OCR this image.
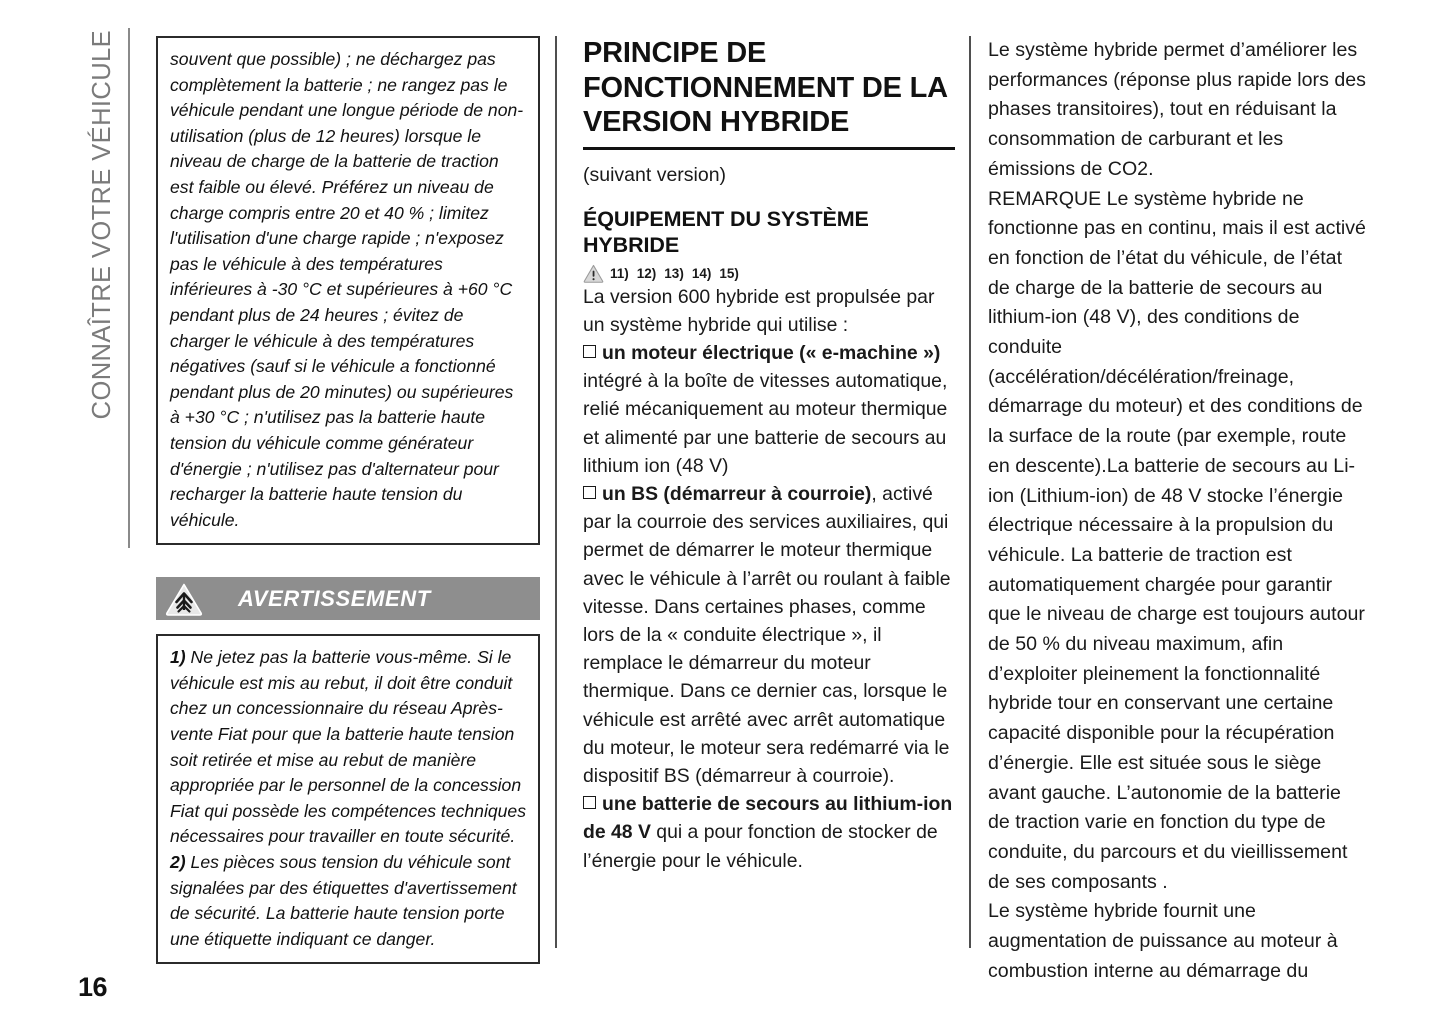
CONNAÎTRE VOTRE VÉHICULE	souvent que possible) ; ne déchargez pas complètement la batterie ; ne rangez pas le véhicule pendant une longue période de non-utilisation (plus de 12 heures) lorsque le niveau de charge de la batterie de traction est faible ou élevé. Préférez un niveau de charge compris entre 20 et 40 % ; limitez l'utilisation d'une charge rapide ; n'exposez pas le véhicule à des températures inférieures à -30 °C et supérieures à +60 °C pendant plus de 24 heures ; évitez de charger le véhicule à des températures négatives (sauf si le véhicule a fonctionné pendant plus de 20 minutes) ou supérieures à +30 °C ; n'utilisez pas la batterie haute tension du véhicule comme générateur d'énergie ; n'utilisez pas d'alternateur pour recharger la batterie haute tension du véhicule.

AVERTISSEMENT

1) Ne jetez pas la batterie vous-même. Si le véhicule est mis au rebut, il doit être conduit chez un concessionnaire du réseau Après-vente Fiat pour que la batterie haute tension soit retirée et mise au rebut de manière appropriée par le personnel de la concession Fiat qui possède les compétences techniques nécessaires pour travailler en toute sécurité.

2) Les pièces sous tension du véhicule sont signalées par des étiquettes d'avertissement de sécurité. La batterie haute tension porte une étiquette indiquant ce danger.

PRINCIPE DE FONCTIONNEMENT DE LA VERSION HYBRIDE
(suivant version)
ÉQUIPEMENT DU SYSTÈME HYBRIDE
11) 12) 13) 14) 15)

La version 600 hybride est propulsée par un système hybride qui utilise :

un moteur électrique (« e-machine ») intégré à la boîte de vitesses automatique, relié mécaniquement au moteur thermique et alimenté par une batterie de secours au lithium ion (48 V)

un BS (démarreur à courroie), activé par la courroie des services auxiliaires, qui permet de démarrer le moteur thermique avec le véhicule à l’arrêt ou roulant à faible vitesse. Dans certaines phases, comme lors de la « conduite électrique », il remplace le démarreur du moteur thermique. Dans ce dernier cas, lorsque le véhicule est arrêté avec arrêt automatique du moteur, le moteur sera redémarré via le dispositif BS (démarreur à courroie).

une batterie de secours au lithium-ion de 48 V qui a pour fonction de stocker de l’énergie pour le véhicule.

Le système hybride permet d’améliorer les performances (réponse plus rapide lors des phases transitoires), tout en réduisant la consommation de carburant et les émissions de CO2.

REMARQUE Le système hybride ne fonctionne pas en continu, mais il est activé en fonction de l’état du véhicule, de l’état de charge de la batterie de secours au lithium-ion (48 V), des conditions de conduite (accélération/décélération/freinage, démarrage du moteur) et des conditions de la surface de la route (par exemple, route en descente).La batterie de secours au Li-ion (Lithium-ion) de 48 V stocke l’énergie électrique nécessaire à la propulsion du véhicule. La batterie de traction est automatiquement chargée pour garantir que le niveau de charge est toujours autour de 50 % du niveau maximum, afin d’exploiter pleinement la fonctionnalité hybride tour en conservant une certaine capacité disponible pour la récupération d’énergie. Elle est située sous le siège avant gauche. L’autonomie de la batterie de traction varie en fonction du type de conduite, du parcours et du vieillissement de ses composants .

Le système hybride fournit une augmentation de puissance au moteur à combustion interne au démarrage du

16
